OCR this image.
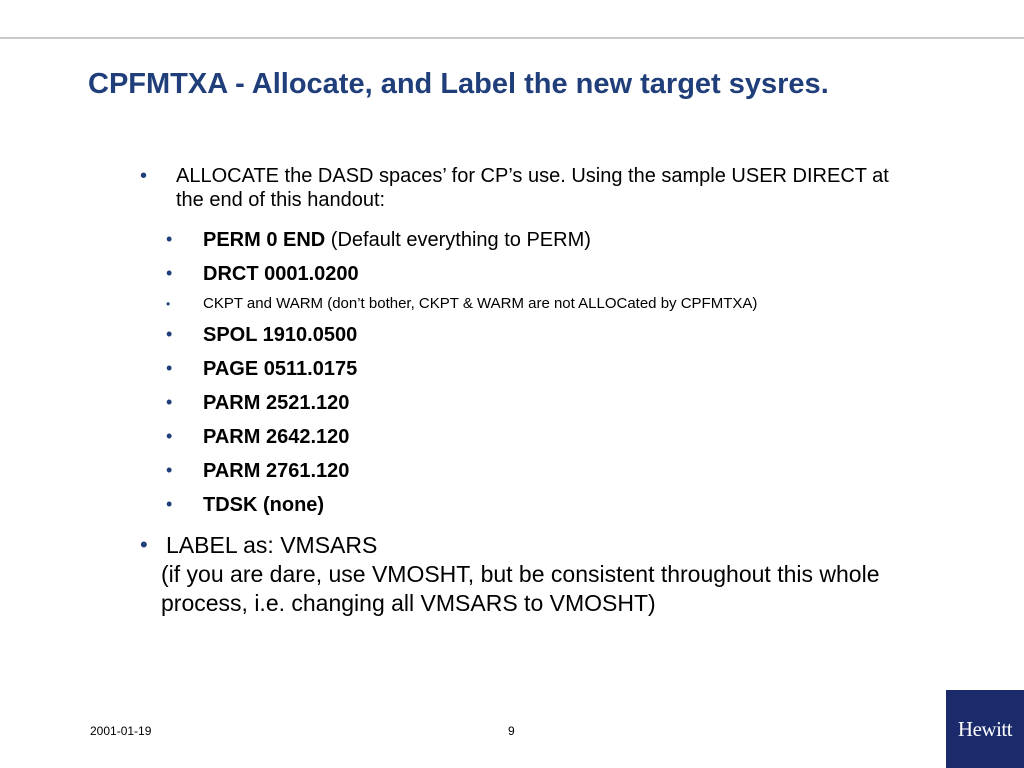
CPFMTXA - Allocate, and Label the new target sysres.
•	ALLOCATE the DASD spaces’ for CP’s use. Using the sample USER DIRECT at the end of this handout:
•	PERM 0 END (Default everything to PERM)
•	DRCT 0001.0200
•	CKPT and WARM (don’t bother, CKPT & WARM are not ALLOCated by CPFMTXA)
•	SPOL 1910.0500
•	PAGE 0511.0175
•	PARM 2521.120
•	PARM 2642.120
•	PARM 2761.120
•	TDSK (none)
• LABEL as: VMSARS
(if you are dare, use VMOSHT, but be consistent throughout this whole process, i.e. changing all VMSARS to VMOSHT)
2001-01-19	9	Hewitt
